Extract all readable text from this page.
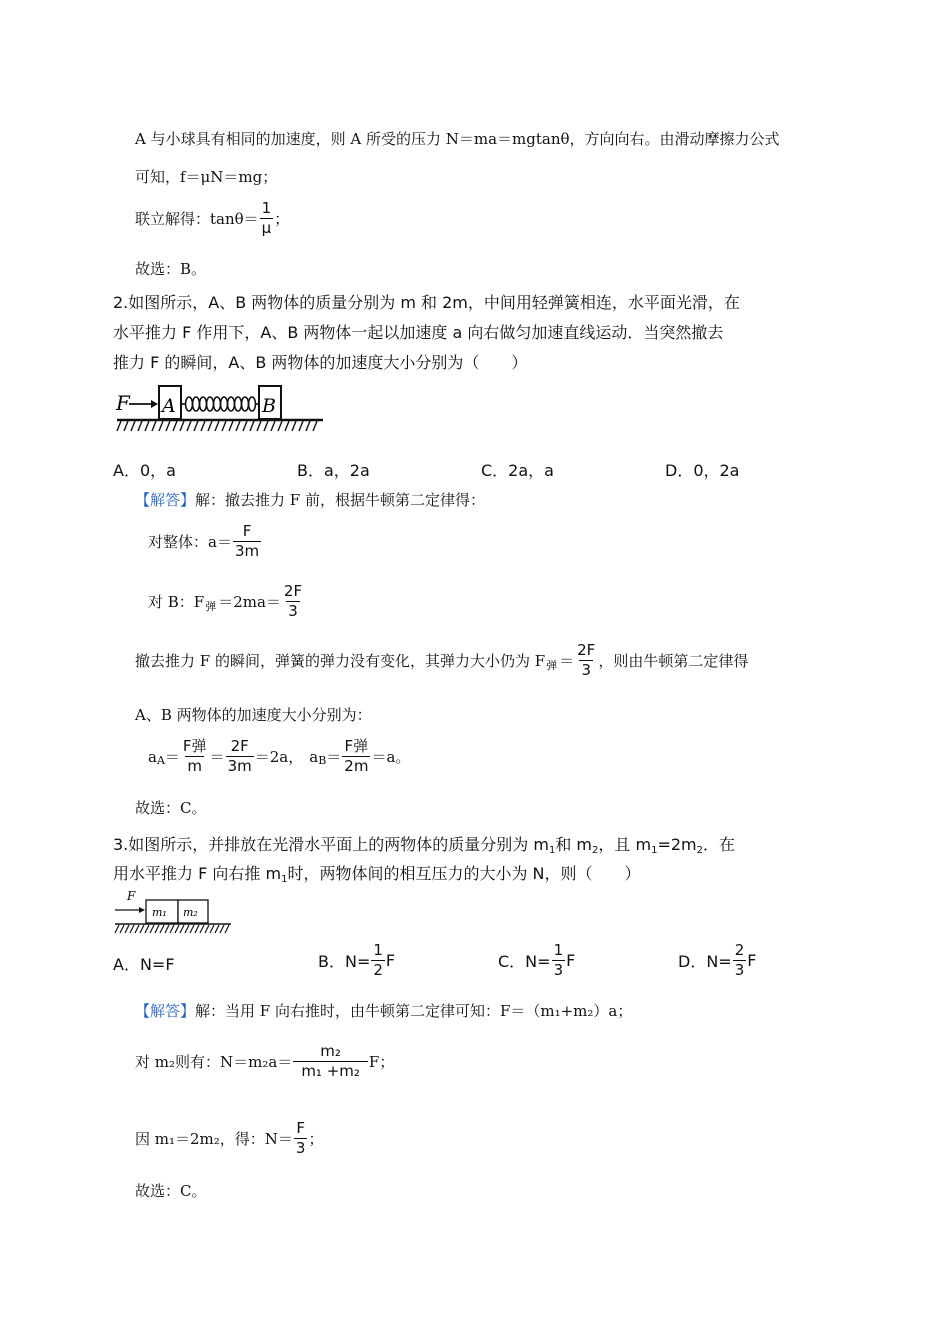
A 与小球具有相同的加速度，则 A 所受的压力 N＝ma＝mgtanθ，方向向右。由滑动摩擦力公式
可知，f＝μN＝mg；
联立解得：$\tan\theta= \frac{1}{\mu}$ ；
故选：B。
2.如图所示，A、B 两物体的质量分别为 m 和 2m，中间用轻弹簧相连，水平面光滑，在
水平推力 F 作用下，A、B 两物体一起以加速度 a 向右做匀加速直线运动．当突然撤去
推力 F 的瞬间，A、B 两物体的加速度大小分别为（　　）
F A	B
A．0，a	B．a，2a	C．2a，a	D．0，2a
【解答】解：撤去推力 F 前，根据牛顿第二定律得：
对整体：$a= \frac{F}{3m}$
对 B：F 弹 $=2ma= \frac{2F}{3}$
撤去推力 F 的瞬间，弹簧的弹力没有变化，其弹力大小仍为 F 弹 ＝ $\frac{2F}{3}$ ，则由牛顿第二定律得
A、B 两物体的加速度大小分别为：
a $A = \frac{\text{F弹}}{m} = \frac{2F}{3m} =2a$， a $B = \frac{\text{F弹}}{2m} =a$。
故选：C。
3.如图所示，并排放在光滑水平面上的两物体的质量分别为 $m_1$和 $m_2$，且 $m_1=2m_2$．在
用水平推力 F 向右推 $m_1$时，两物体间的相互压力的大小为 N，则（　　）
F
m₁ m₂
A．N=F	B．$N= \frac{1}{2}$ F	C．$N= \frac{1}{3}$ F	D．$N= \frac{2}{3}$ F
【解答】解：当用 F 向右推时，由牛顿第二定律可知：F＝（m₁+m₂）a；
对 m₂则有：$N=m_2a= \frac{\text{m₂}}{\text{m₁ +m₂}}$ F；
因 m₁＝2m₂，得：$N= \frac{F}{3}$ ；
故选：C。
